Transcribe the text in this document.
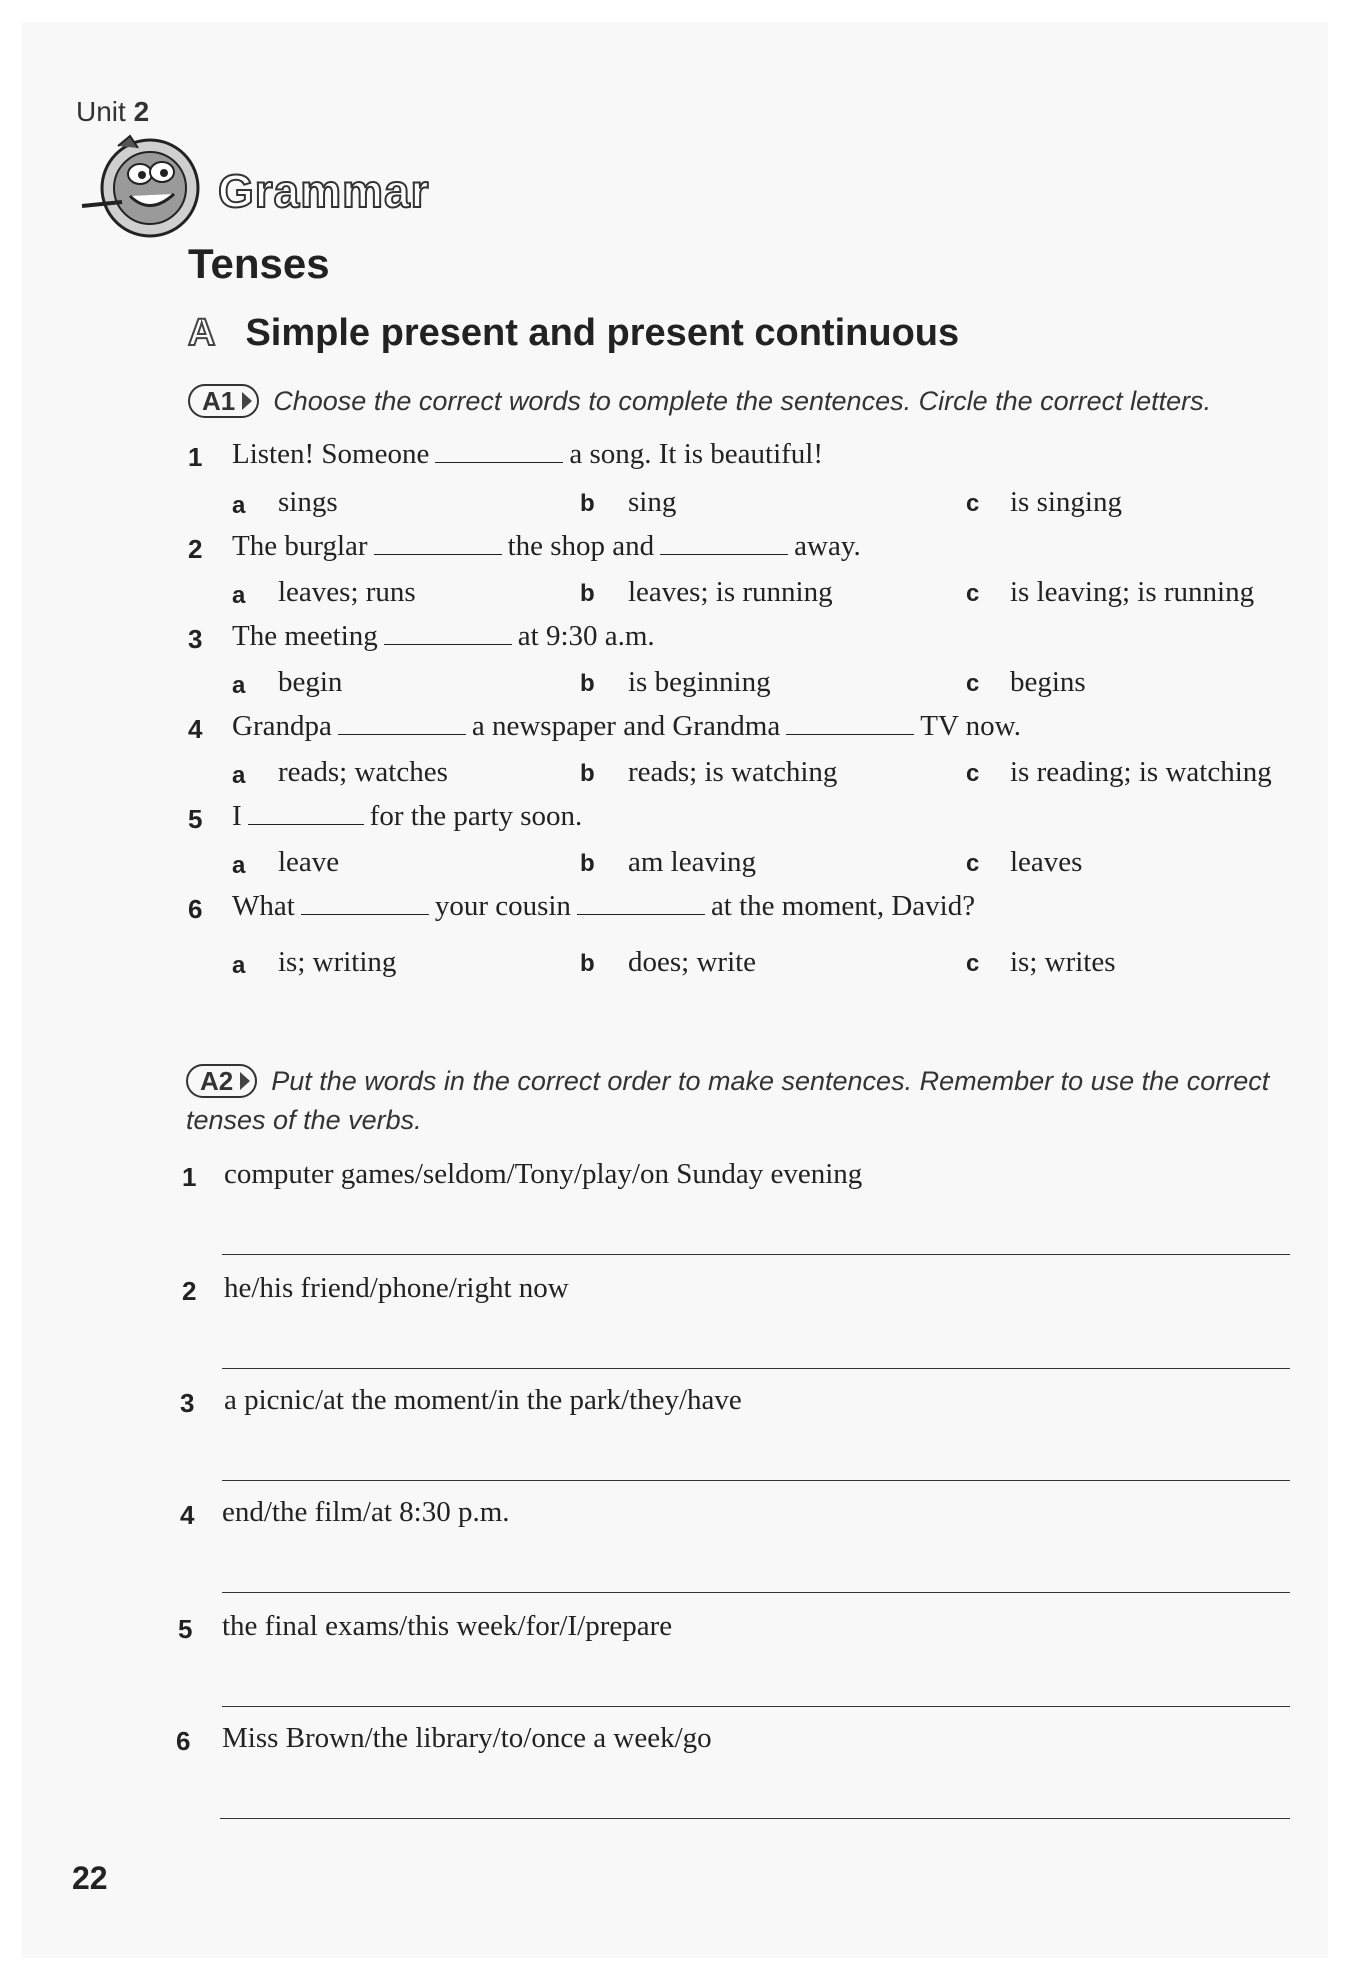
Unit 2
Grammar
Tenses
A Simple present and present continuous
A1 Choose the correct words to complete the sentences. Circle the correct letters.
1 Listen! Someone	a song. It is beautiful!
a sings	b sing	c is singing
2 The burglar	the shop and	away.
a leaves; runs	b leaves; is running	c is leaving; is running
3 The meeting	at 9:30 a.m.
a begin	b is beginning	c begins
4 Grandpa	a newspaper and Grandma	TV now.
a reads; watches	b reads; is watching	c is reading; is watching
5 I	for the party soon.
a leave	b am leaving	c leaves
6 What	your cousin	at the moment, David?
a is; writing	b does; write	c is; writes
A2 Put the words in the correct order to make sentences. Remember to use the correct tenses of the verbs.
1 computer games/seldom/Tony/play/on Sunday evening
2 he/his friend/phone/right now
3 a picnic/at the moment/in the park/they/have
4 end/the film/at 8:30 p.m.
5 the final exams/this week/for/I/prepare
6 Miss Brown/the library/to/once a week/go
22
